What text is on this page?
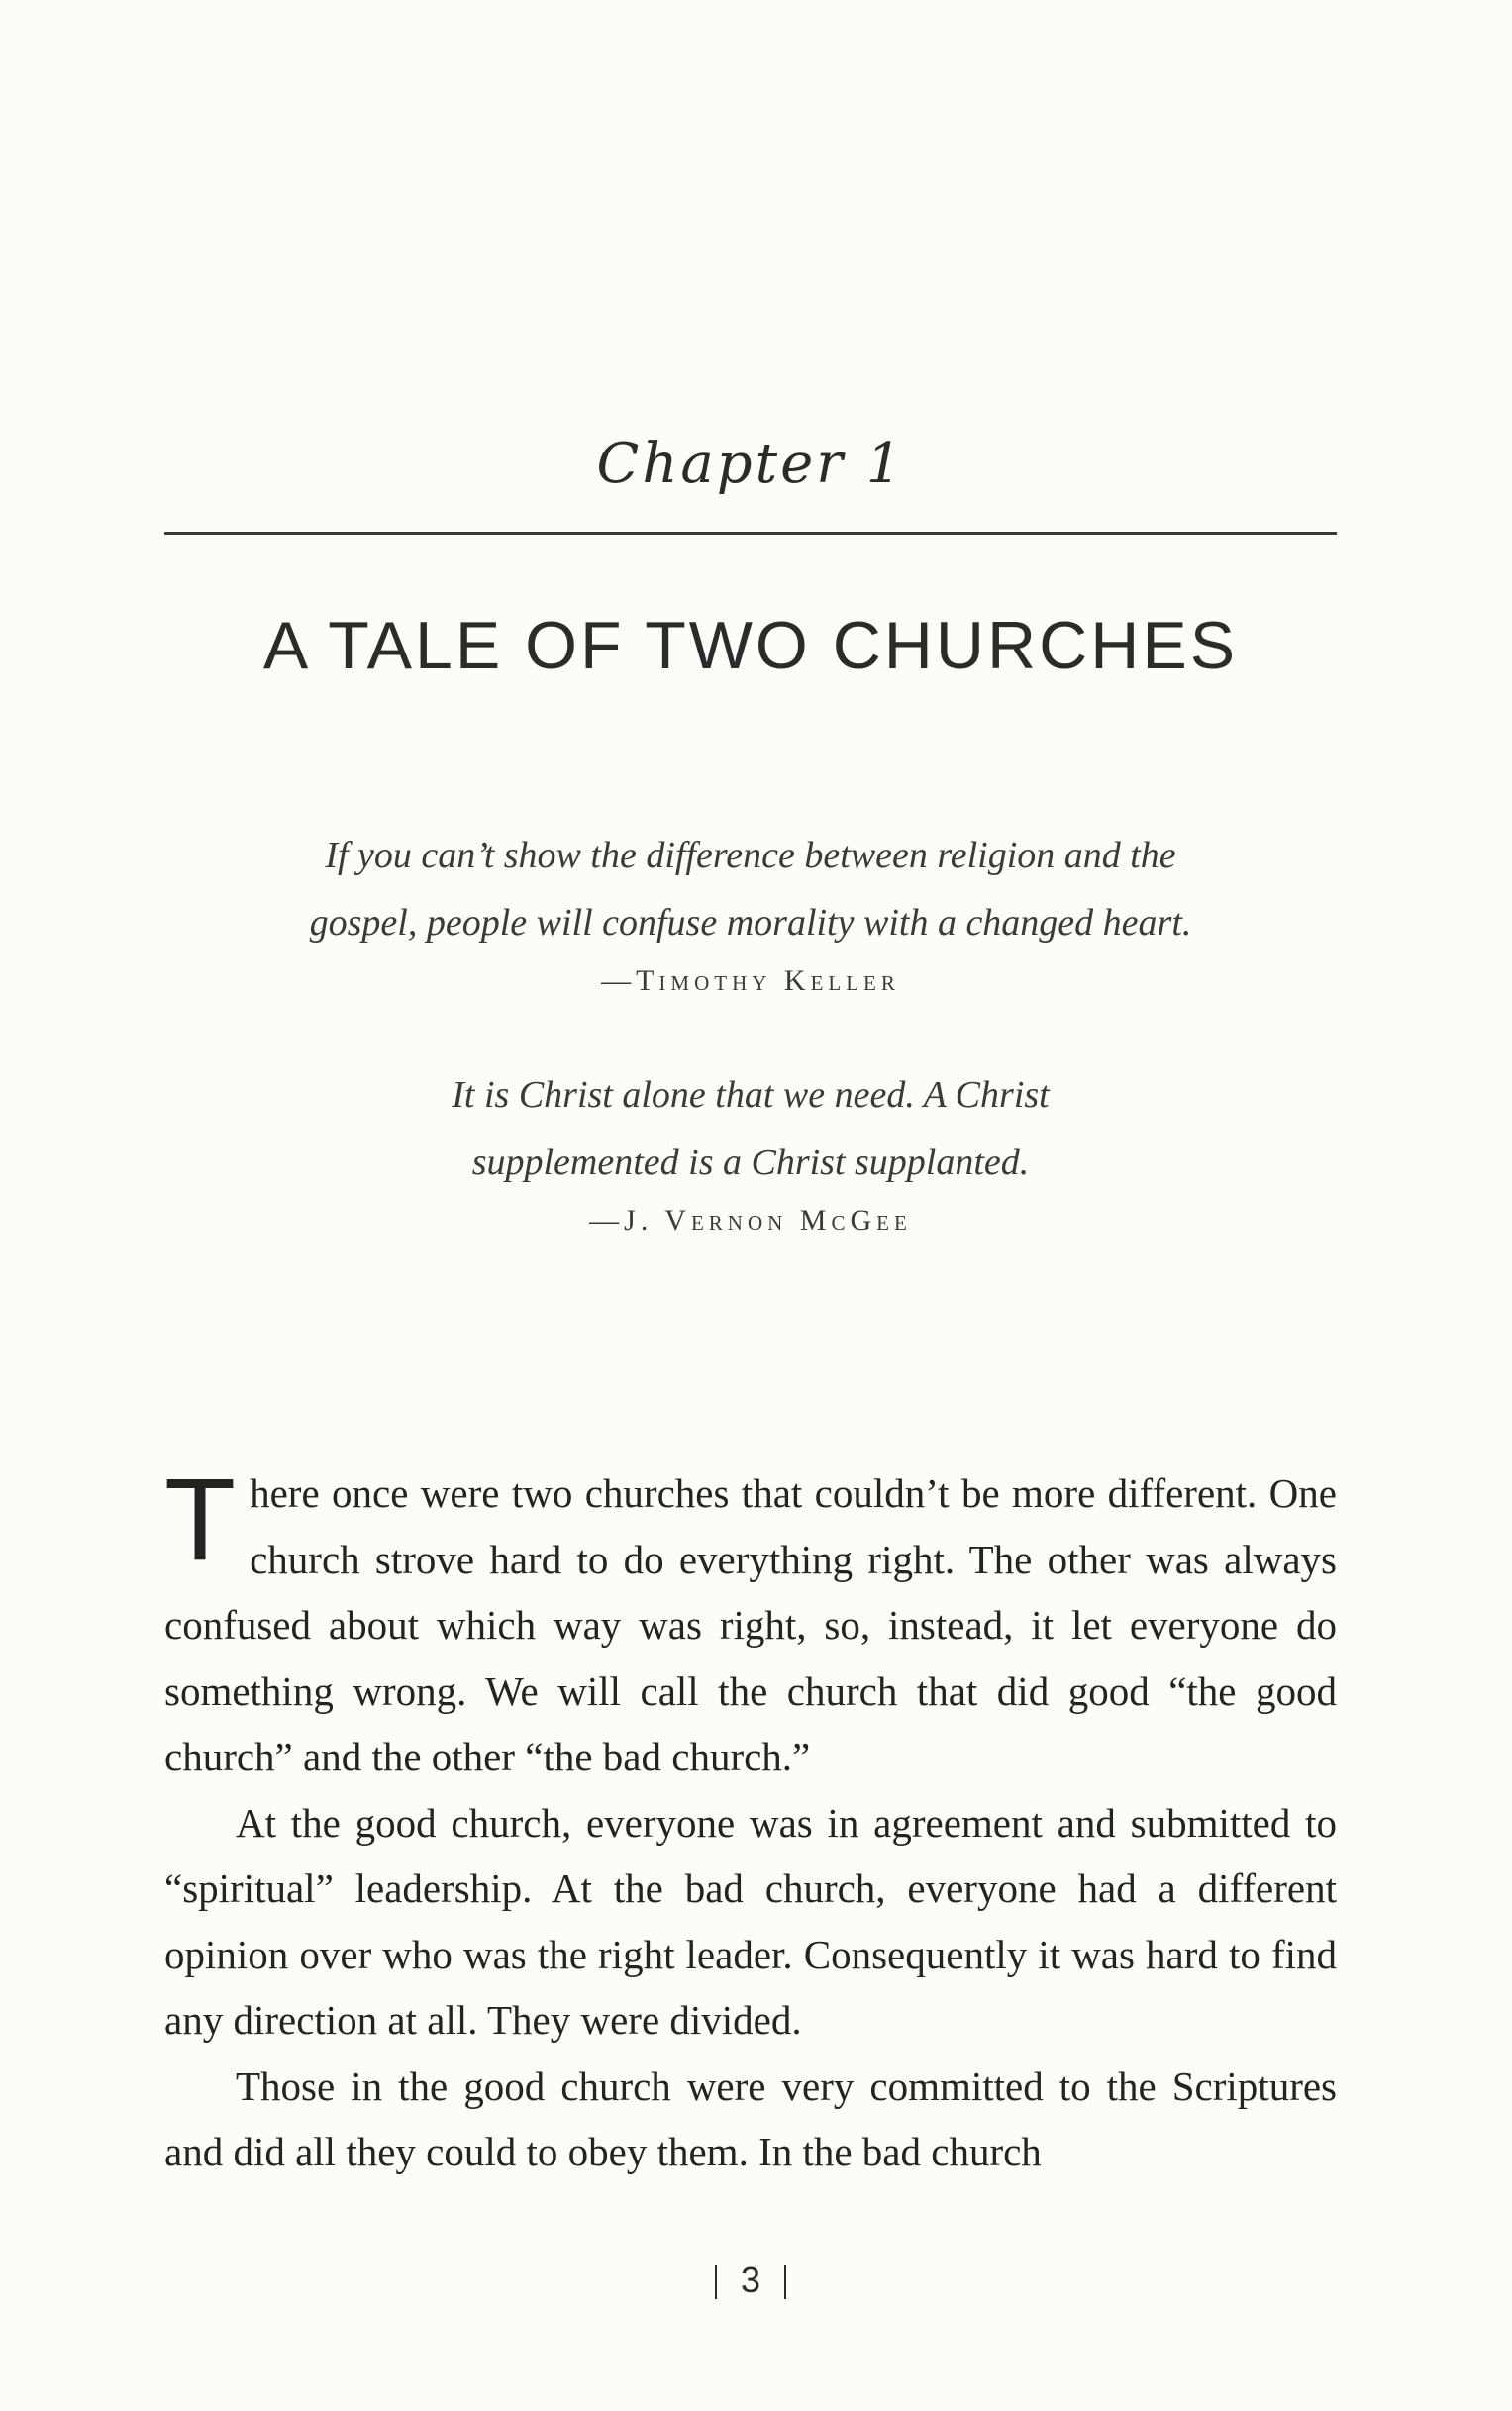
Chapter 1
A TALE OF TWO CHURCHES
If you can’t show the difference between religion and the
gospel, people will confuse morality with a changed heart.
—Timothy Keller
It is Christ alone that we need. A Christ
supplemented is a Christ supplanted.
—J. Vernon McGee

There once were two churches that couldn’t be more different. One church strove hard to do everything right. The other was always confused about which way was right, so, instead, it let everyone do something wrong. We will call the church that did good “the good church” and the other “the bad church.”

At the good church, everyone was in agreement and submitted to “spiritual” leadership. At the bad church, everyone had a different opinion over who was the right leader. Consequently it was hard to find any direction at all. They were divided.

Those in the good church were very committed to the Scriptures and did all they could to obey them. In the bad church

3
